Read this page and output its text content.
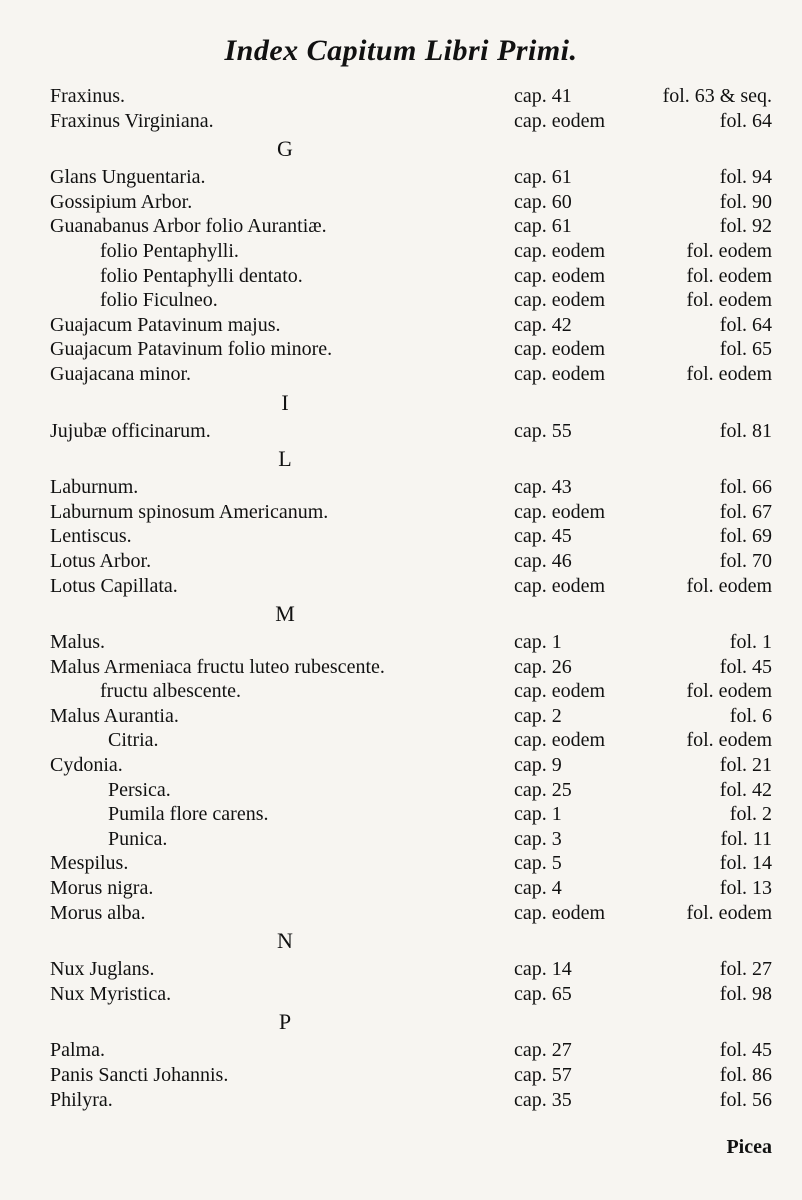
Index Capitum Libri Primi.
Fraxinus.	cap. 41	fol. 63 & seq.
Fraxinus Virginiana.	cap. eodem	fol. 64
G
Glans Unguentaria.	cap. 61	fol. 94
Gossipium Arbor.	cap. 60	fol. 90
Guanabanus Arbor folio Aurantiæ.	cap. 61	fol. 92
folio Pentaphylli.	cap. eodem	fol. eodem
folio Pentaphylli dentato.	cap. eodem	fol. eodem
folio Ficulneo.	cap. eodem	fol. eodem
Guajacum Patavinum majus.	cap. 42	fol. 64
Guajacum Patavinum folio minore.	cap. eodem	fol. 65
Guajacana minor.	cap. eodem	fol. eodem
I
Jujubæ officinarum.	cap. 55	fol. 81
L
Laburnum.	cap. 43	fol. 66
Laburnum spinosum Americanum.	cap. eodem	fol. 67
Lentiscus.	cap. 45	fol. 69
Lotus Arbor.	cap. 46	fol. 70
Lotus Capillata.	cap. eodem	fol. eodem
M
Malus.	cap. 1	fol. 1
Malus Armeniaca fructu luteo rubescente.	cap. 26	fol. 45
fructu albescente.	cap. eodem	fol. eodem
Malus Aurantia.	cap. 2	fol. 6
Citria.	cap. eodem	fol. eodem
Cydonia.	cap. 9	fol. 21
Persica.	cap. 25	fol. 42
Pumila flore carens.	cap. 1	fol. 2
Punica.	cap. 3	fol. 11
Mespilus.	cap. 5	fol. 14
Morus nigra.	cap. 4	fol. 13
Morus alba.	cap. eodem	fol. eodem
N
Nux Juglans.	cap. 14	fol. 27
Nux Myristica.	cap. 65	fol. 98
P
Palma.	cap. 27	fol. 45
Panis Sancti Johannis.	cap. 57	fol. 86
Philyra.	cap. 35	fol. 56
Picea
